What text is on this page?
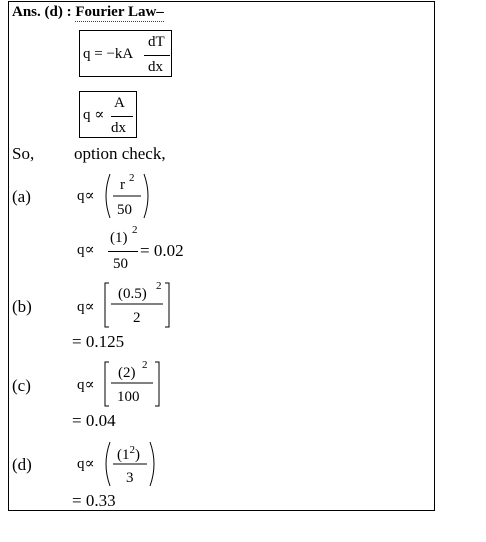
Ans. (d) : Fourier Law–
q = −kA
dT
dx
q ∝
A
dx
So, option check,
(a)	q∝
r 2
50
q∝
(1) 2
50
= 0.02
(b)	q∝
(0.5) 2
2
= 0.125
(c)	q∝
(2) 2
100
= 0.04
(d)	q∝
$(1^2)$
3
= 0.33
